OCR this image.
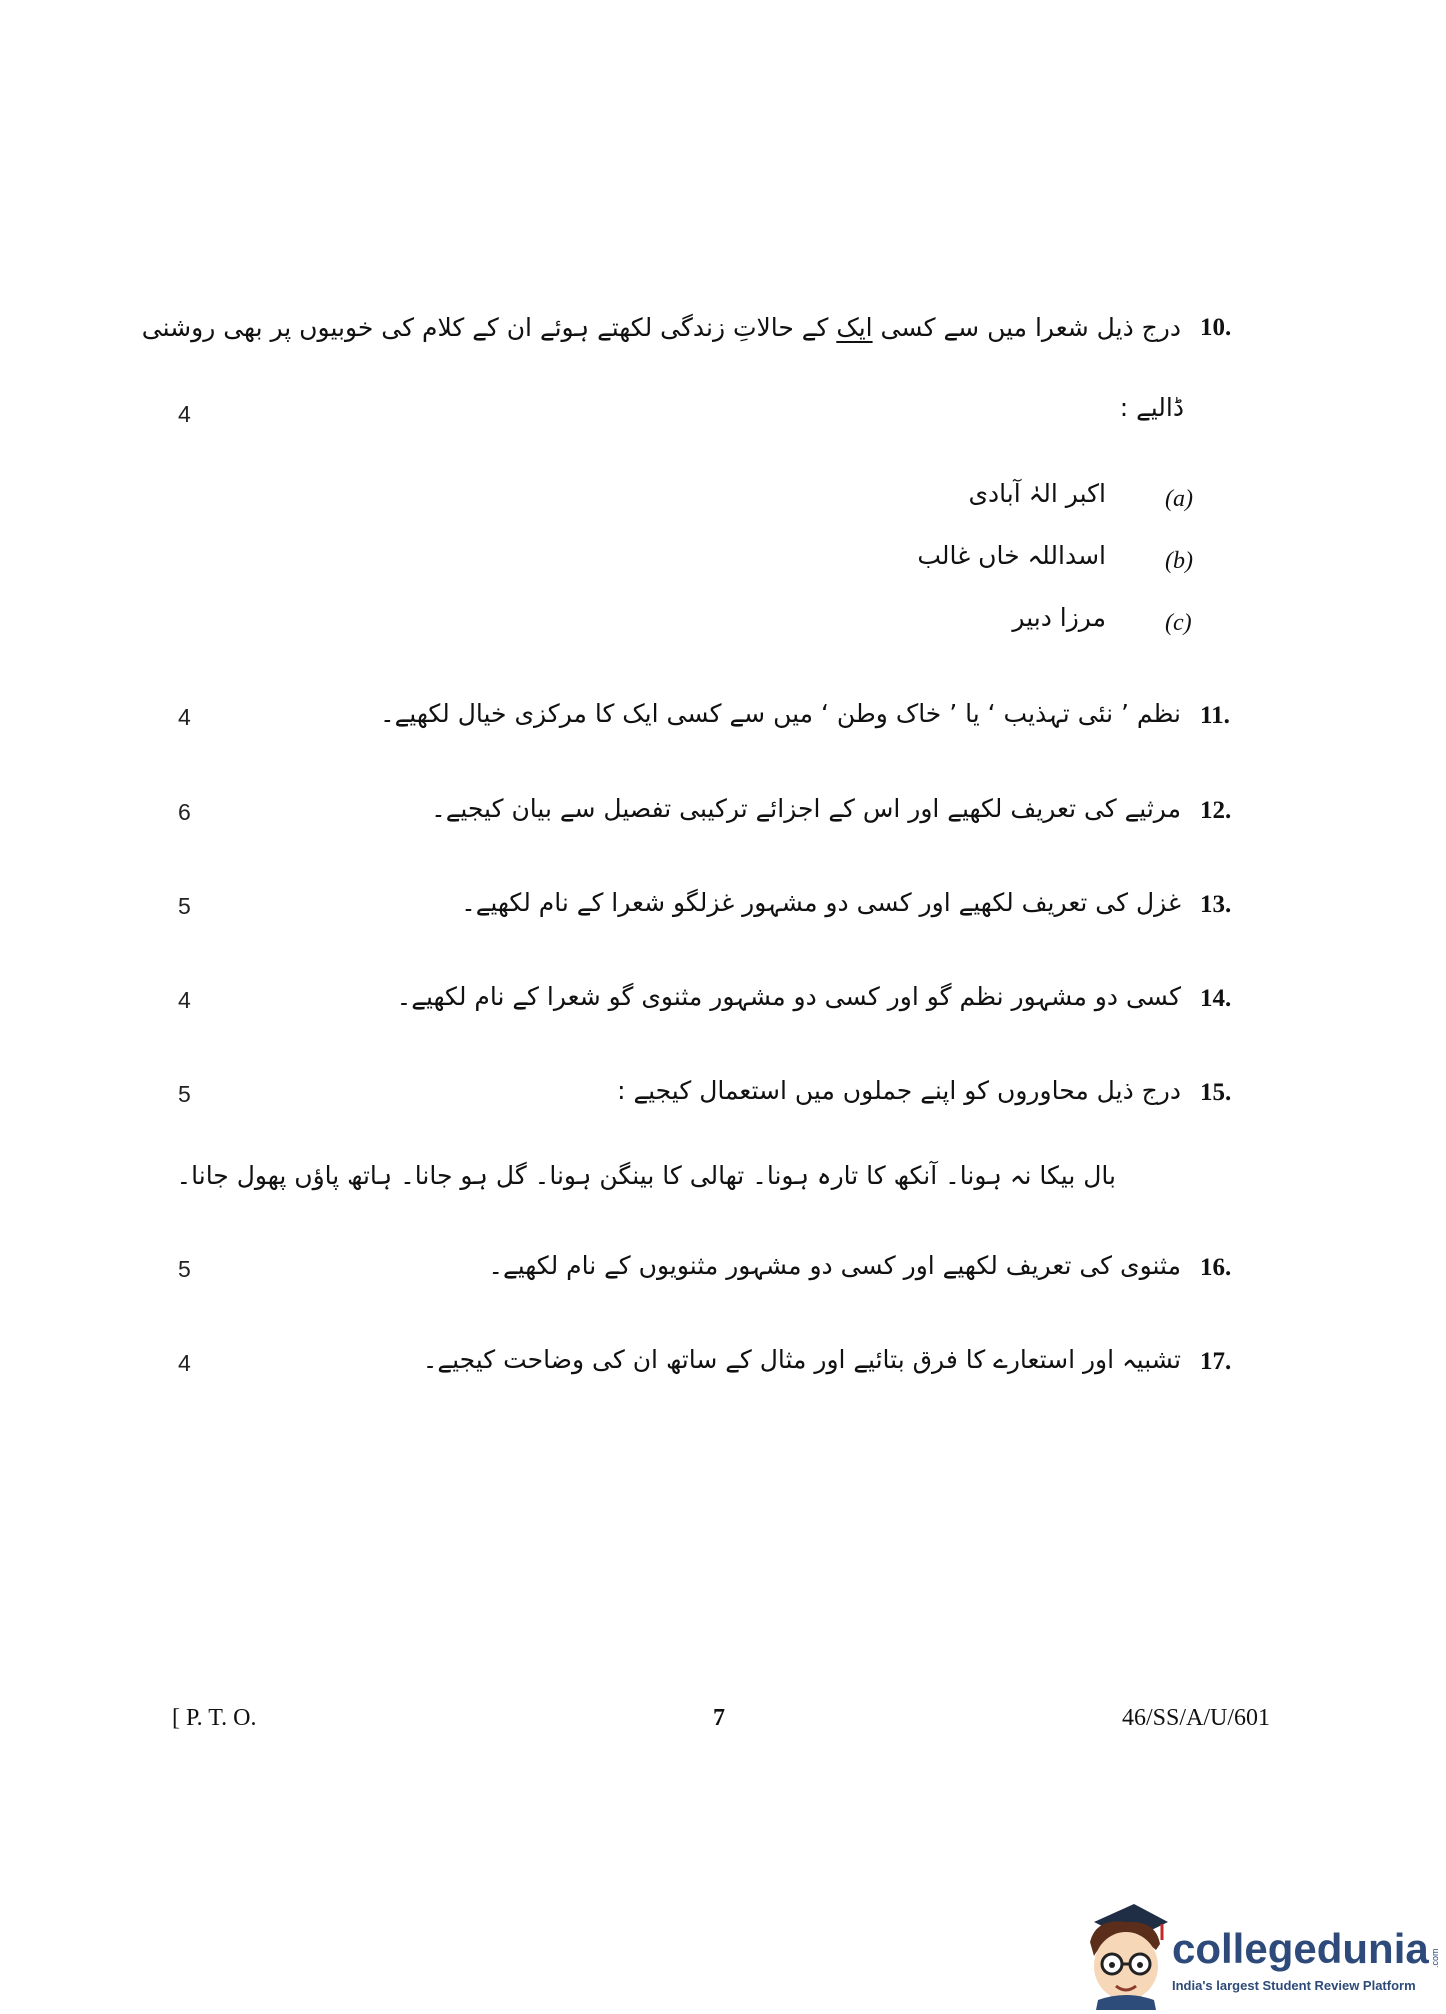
10.
درج ذیل شعرا میں سے کسی ایک کے حالاتِ زندگی لکھتے ہوئے ان کے کلام کی خوبیوں پر بھی روشنی
ڈالیے :
4
(a)
اکبر الہٰ آبادی
(b)
اسداللہ خاں غالب
(c)
مرزا دبیر
11.
نظم ’ نئی تہذیب ‘ یا ’ خاک وطن ‘ میں سے کسی ایک کا مرکزی خیال لکھیے۔
4
12.
مرثیے کی تعریف لکھیے اور اس کے اجزائے ترکیبی تفصیل سے بیان کیجیے۔
6
13.
غزل کی تعریف لکھیے اور کسی دو مشہور غزلگو شعرا کے نام لکھیے۔
5
14.
کسی دو مشہور نظم گو اور کسی دو مشہور مثنوی گو شعرا کے نام لکھیے۔
4
15.
درج ذیل محاوروں کو اپنے جملوں میں استعمال کیجیے :
5
بال بیکا نہ ہونا۔ آنکھ کا تارہ ہونا۔ تھالی کا بینگن ہونا۔ گل ہو جانا۔ ہاتھ پاؤں پھول جانا۔
16.
مثنوی کی تعریف لکھیے اور کسی دو مشہور مثنویوں کے نام لکھیے۔
5
17.
تشبیہ اور استعارے کا فرق بتائیے اور مثال کے ساتھ ان کی وضاحت کیجیے۔
4
[ P. T. O.	7	46/SS/A/U/601
collegedunia .com
India's largest Student Review Platform
